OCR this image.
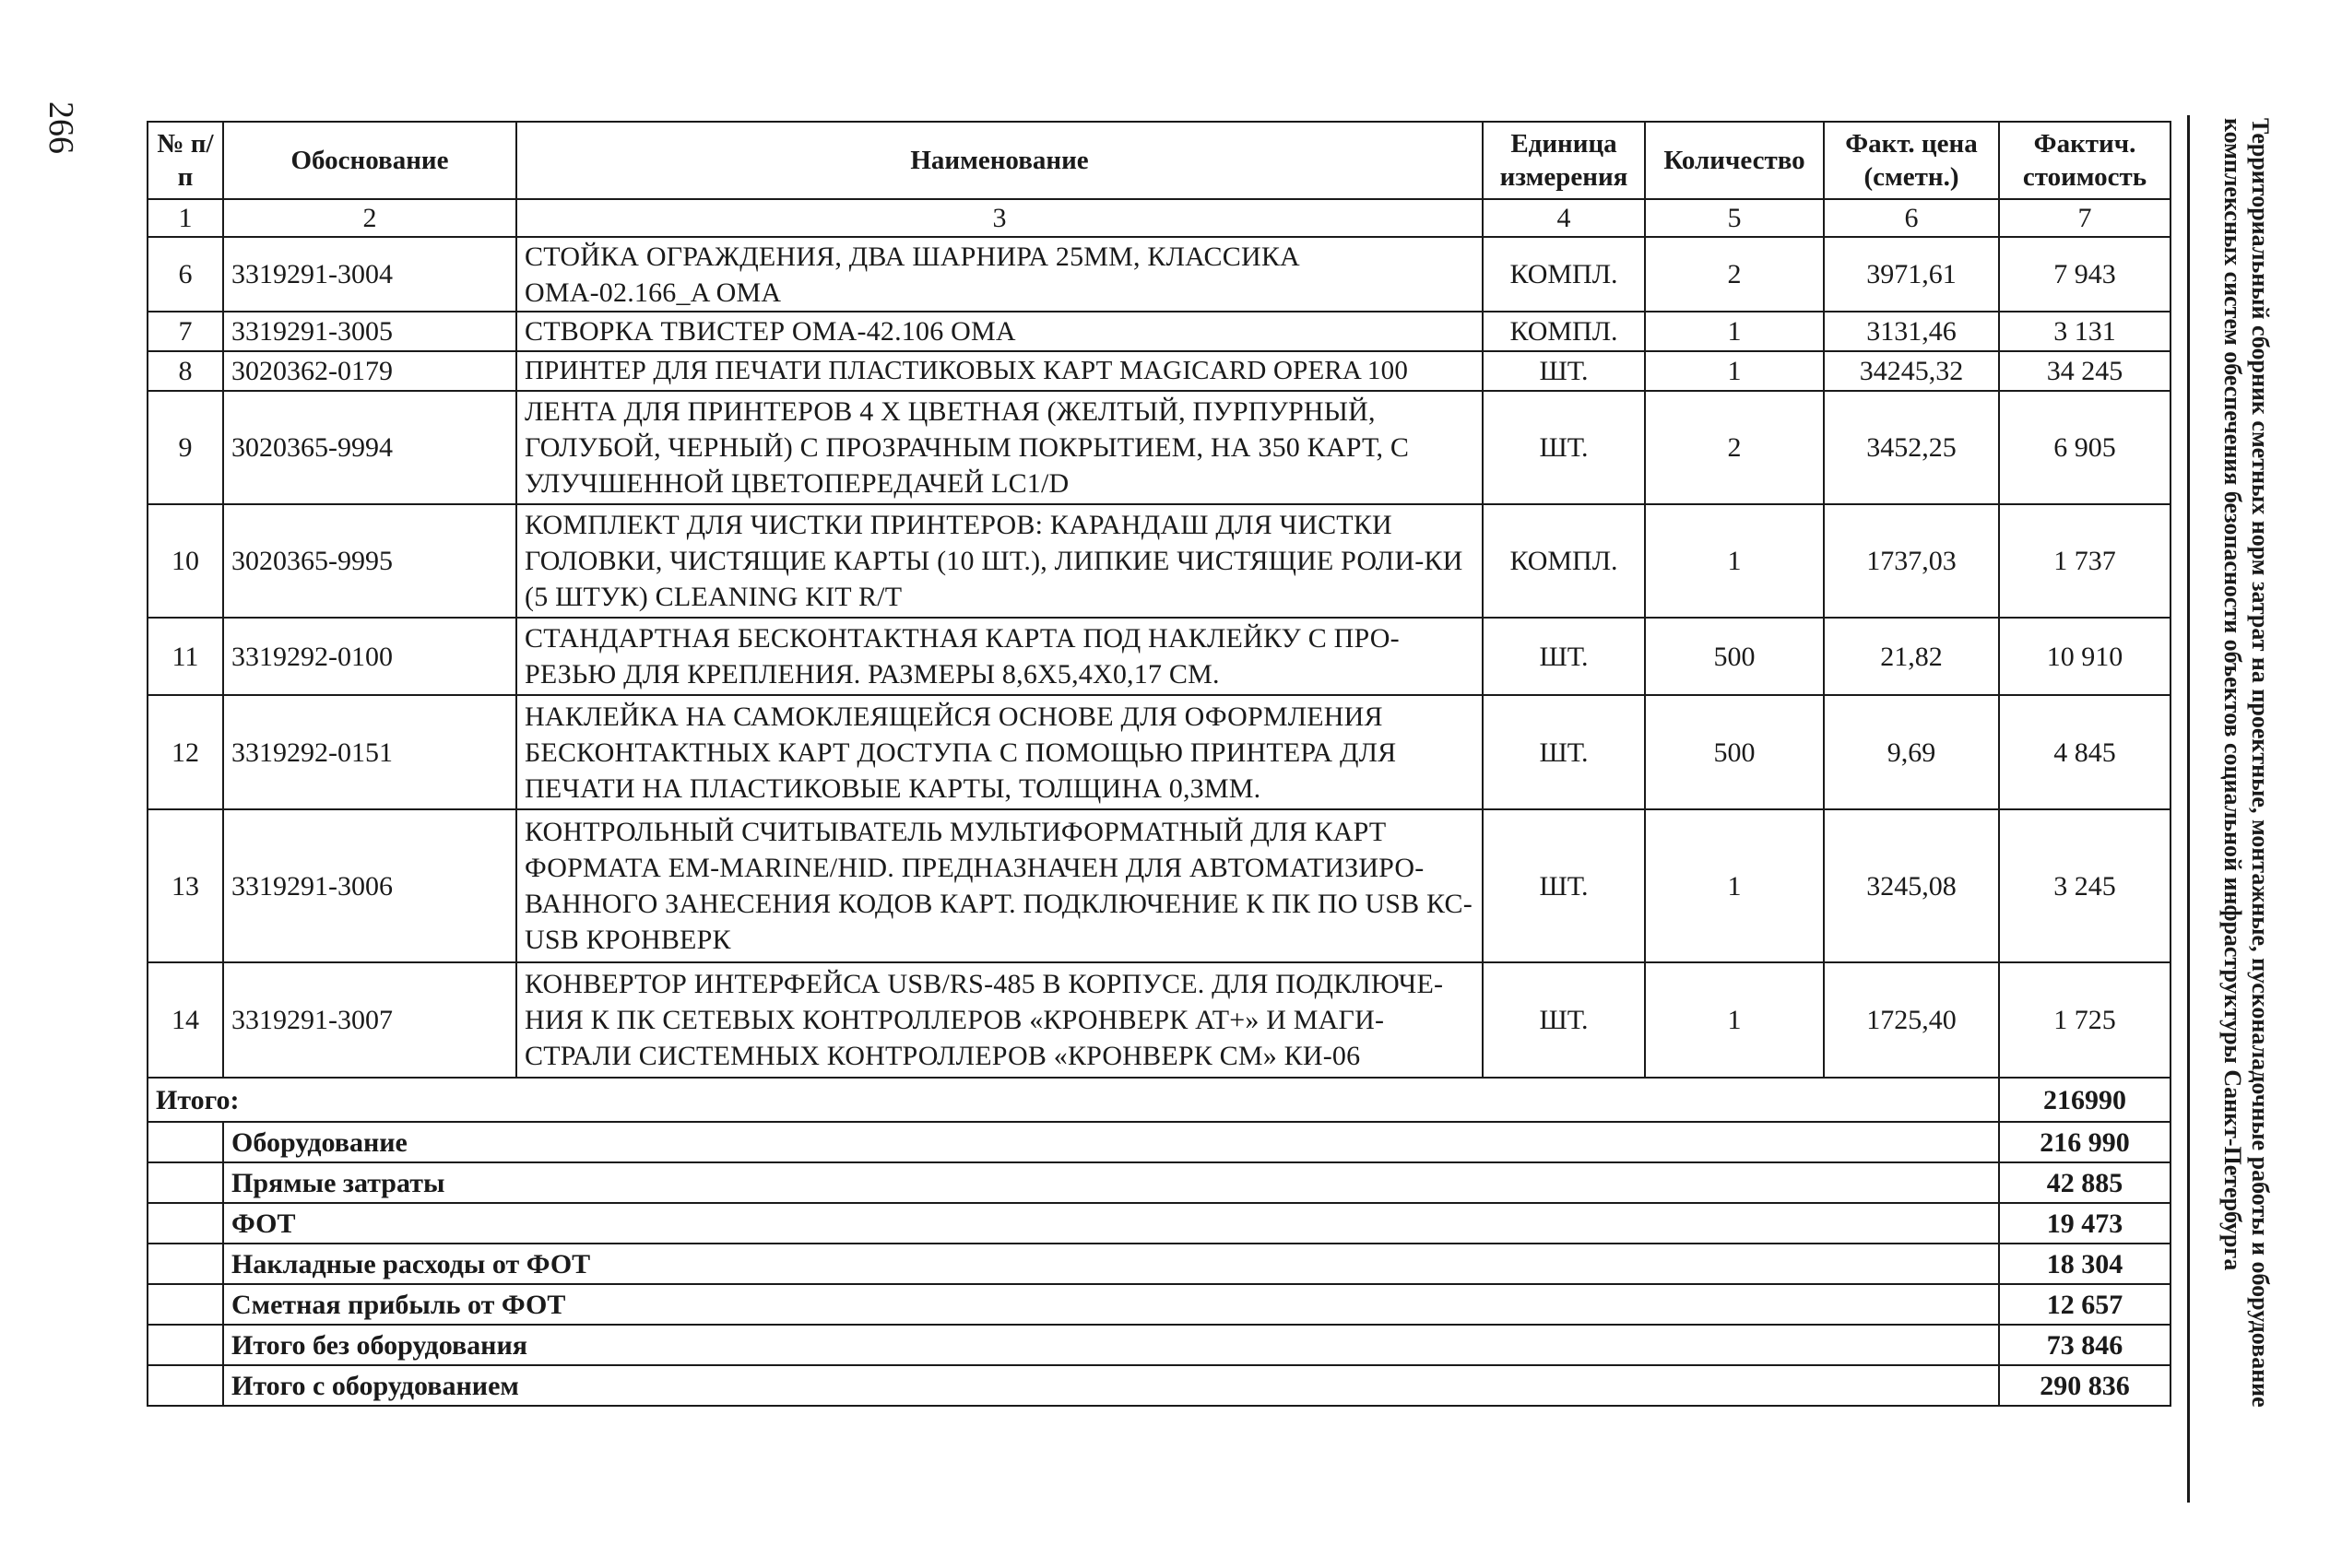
266	Территориальный сборник сметных норм затрат на проектные, монтажные, пусконаладочные работы и оборудование
комплексных систем обеспечения безопасности объектов социальной инфраструктуры Санкт-Петербурга
№ п/п	Обоснование	Наименование	Единица измерения	Количество	Факт. цена (сметн.)	Фактич. стоимость
1	2	3	4	5	6	7
6	3319291-3004	СТОЙКА ОГРАЖДЕНИЯ, ДВА ШАРНИРА 25ММ, КЛАССИКА ОМА-02.166_A ОМА	КОМПЛ.	2	3971,61	7 943
7	3319291-3005	СТВОРКА ТВИСТЕР ОМА-42.106 ОМА	КОМПЛ.	1	3131,46	3 131
8	3020362-0179	ПРИНТЕР ДЛЯ ПЕЧАТИ ПЛАСТИКОВЫХ КАРТ MAGICARD OPERA 100	ШТ.	1	34245,32	34 245
9	3020365-9994	ЛЕНТА ДЛЯ ПРИНТЕРОВ 4 Х ЦВЕТНАЯ (ЖЕЛТЫЙ, ПУРПУРНЫЙ, ГОЛУБОЙ, ЧЕРНЫЙ) С ПРОЗРАЧНЫМ ПОКРЫТИЕМ, НА 350 КАРТ, С УЛУЧШЕННОЙ ЦВЕТОПЕРЕДАЧЕЙ LC1/D	ШТ.	2	3452,25	6 905
10	3020365-9995	КОМПЛЕКТ ДЛЯ ЧИСТКИ ПРИНТЕРОВ: КАРАНДАШ ДЛЯ ЧИСТКИ ГОЛОВКИ, ЧИСТЯЩИЕ КАРТЫ (10 ШТ.), ЛИПКИЕ ЧИСТЯЩИЕ РОЛИ-КИ (5 ШТУК) CLEANING KIT R/T	КОМПЛ.	1	1737,03	1 737
11	3319292-0100	СТАНДАРТНАЯ БЕСКОНТАКТНАЯ КАРТА ПОД НАКЛЕЙКУ С ПРО-РЕЗЬЮ ДЛЯ КРЕПЛЕНИЯ. РАЗМЕРЫ 8,6Х5,4Х0,17 СМ.	ШТ.	500	21,82	10 910
12	3319292-0151	НАКЛЕЙКА НА САМОКЛЕЯЩЕЙСЯ ОСНОВЕ ДЛЯ ОФОРМЛЕНИЯ БЕСКОНТАКТНЫХ КАРТ ДОСТУПА С ПОМОЩЬЮ ПРИНТЕРА ДЛЯ ПЕЧАТИ НА ПЛАСТИКОВЫЕ КАРТЫ, ТОЛЩИНА 0,3ММ.	ШТ.	500	9,69	4 845
13	3319291-3006	КОНТРОЛЬНЫЙ СЧИТЫВАТЕЛЬ МУЛЬТИФОРМАТНЫЙ ДЛЯ КАРТ ФОРМАТА EM-MARINE/HID. ПРЕДНАЗНАЧЕН ДЛЯ АВТОМАТИЗИРО-ВАННОГО ЗАНЕСЕНИЯ КОДОВ КАРТ. ПОДКЛЮЧЕНИЕ К ПК ПО USB КС-USB КРОНВЕРК	ШТ.	1	3245,08	3 245
14	3319291-3007	КОНВЕРТОР ИНТЕРФЕЙСА USB/RS-485 В КОРПУСЕ. ДЛЯ ПОДКЛЮЧЕ-НИЯ К ПК СЕТЕВЫХ КОНТРОЛЛЕРОВ «КРОНВЕРК AT+» И МАГИ-СТРАЛИ СИСТЕМНЫХ КОНТРОЛЛЕРОВ «КРОНВЕРК СМ» КИ-06	ШТ.	1	1725,40	1 725
Итого:						216990
	Оборудование					216 990
	Прямые затраты					42 885
	ФОТ					19 473
	Накладные расходы от ФОТ					18 304
	Сметная прибыль от ФОТ					12 657
	Итого без оборудования					73 846
	Итого с оборудованием					290 836
